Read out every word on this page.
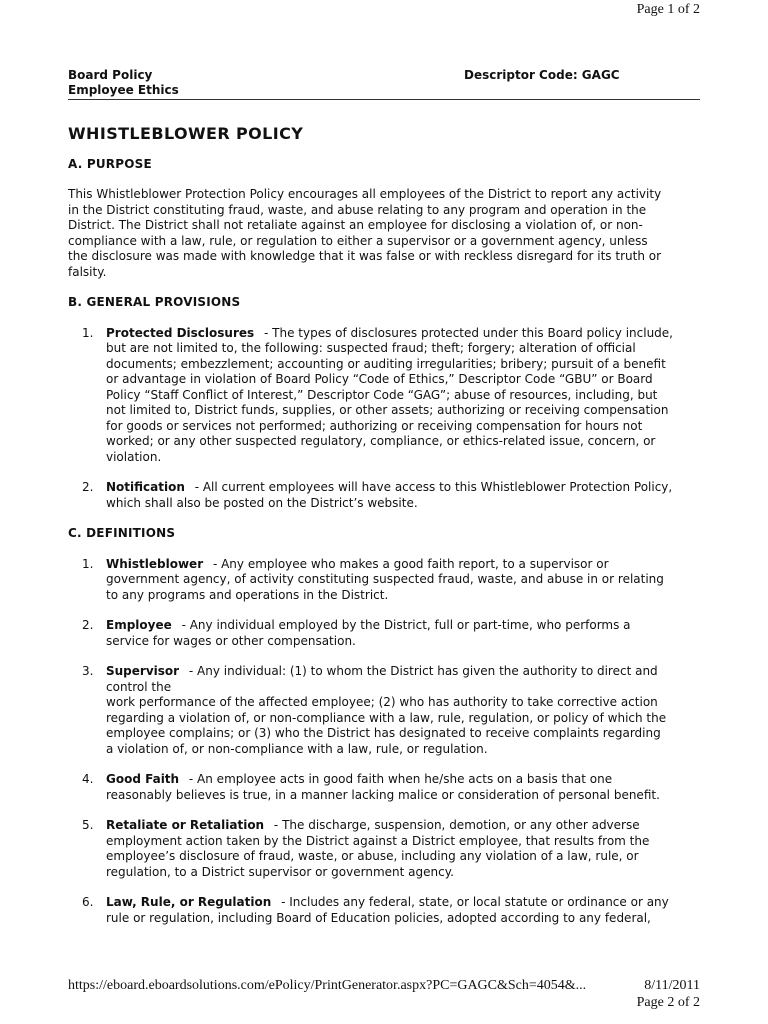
Page 1 of 2
Board Policy
Employee Ethics
Descriptor Code: GAGC
WHISTLEBLOWER POLICY
A. PURPOSE
This Whistleblower Protection Policy encourages all employees of the District to report any activity
in the District constituting fraud, waste, and abuse relating to any program and operation in the
District. The District shall not retaliate against an employee for disclosing a violation of, or non-
compliance with a law, rule, or regulation to either a supervisor or a government agency, unless
the disclosure was made with knowledge that it was false or with reckless disregard for its truth or
falsity.
B. GENERAL PROVISIONS
1. Protected Disclosures - The types of disclosures protected under this Board policy include,
but are not limited to, the following: suspected fraud; theft; forgery; alteration of official
documents; embezzlement; accounting or auditing irregularities; bribery; pursuit of a benefit
or advantage in violation of Board Policy “Code of Ethics,” Descriptor Code “GBU” or Board
Policy “Staff Conflict of Interest,” Descriptor Code “GAG”; abuse of resources, including, but
not limited to, District funds, supplies, or other assets; authorizing or receiving compensation
for goods or services not performed; authorizing or receiving compensation for hours not
worked; or any other suspected regulatory, compliance, or ethics-related issue, concern, or
violation.
2. Notification - All current employees will have access to this Whistleblower Protection Policy,
which shall also be posted on the District’s website.
C. DEFINITIONS
1. Whistleblower - Any employee who makes a good faith report, to a supervisor or
government agency, of activity constituting suspected fraud, waste, and abuse in or relating
to any programs and operations in the District.
2. Employee - Any individual employed by the District, full or part-time, who performs a
service for wages or other compensation.
3. Supervisor - Any individual: (1) to whom the District has given the authority to direct and
control the
work performance of the affected employee; (2) who has authority to take corrective action
regarding a violation of, or non-compliance with a law, rule, regulation, or policy of which the
employee complains; or (3) who the District has designated to receive complaints regarding
a violation of, or non-compliance with a law, rule, or regulation.
4. Good Faith - An employee acts in good faith when he/she acts on a basis that one
reasonably believes is true, in a manner lacking malice or consideration of personal benefit.
5. Retaliate or Retaliation - The discharge, suspension, demotion, or any other adverse
employment action taken by the District against a District employee, that results from the
employee’s disclosure of fraud, waste, or abuse, including any violation of a law, rule, or
regulation, to a District supervisor or government agency.
6. Law, Rule, or Regulation - Includes any federal, state, or local statute or ordinance or any
rule or regulation, including Board of Education policies, adopted according to any federal,
https://eboard.eboardsolutions.com/ePolicy/PrintGenerator.aspx?PC=GAGC&Sch=4054&...	8/11/2011
Page 2 of 2
